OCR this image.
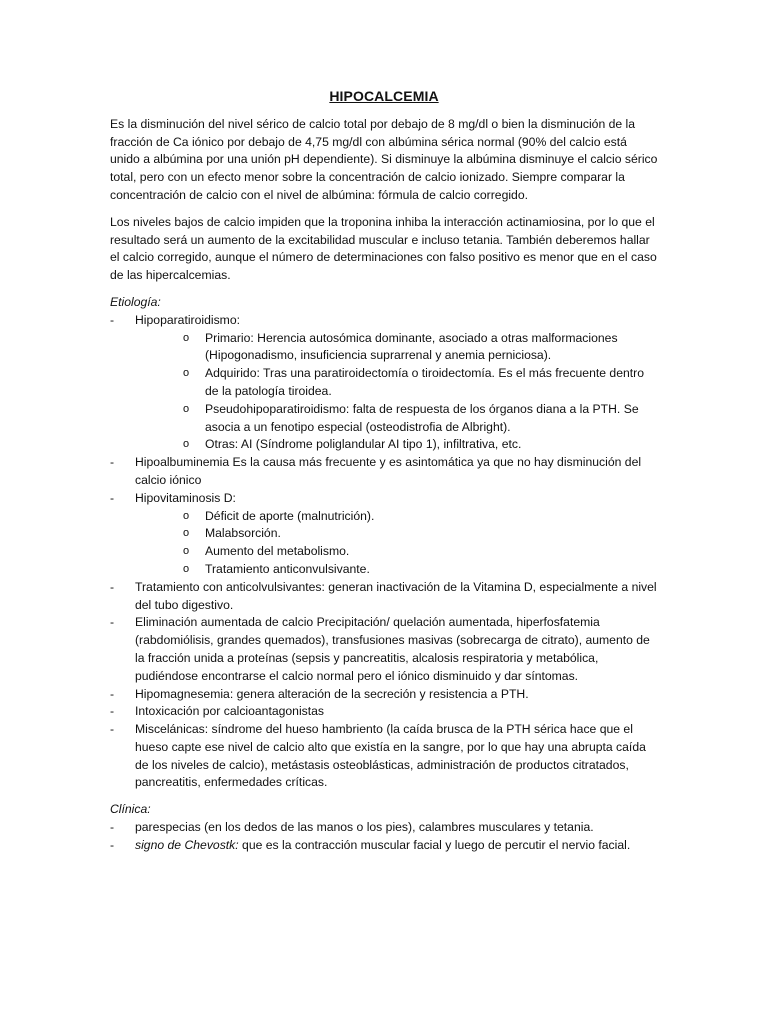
HIPOCALCEMIA

Es la disminución del nivel sérico de calcio total por debajo de 8 mg/dl o bien la disminución de la fracción de Ca iónico por debajo de 4,75 mg/dl con albúmina sérica normal (90% del calcio está unido a albúmina por una unión pH dependiente). Si disminuye la albúmina disminuye el calcio sérico total, pero con un efecto menor sobre la concentración de calcio ionizado. Siempre comparar la concentración de calcio con el nivel de albúmina: fórmula de calcio corregido.

Los niveles bajos de calcio impiden que la troponina inhiba la interacción actinamiosina, por lo que el resultado será un aumento de la excitabilidad muscular e incluso tetania. También deberemos hallar el calcio corregido, aunque el número de determinaciones con falso positivo es menor que en el caso de las hipercalcemias.

Etiología:
- Hipoparatiroidismo:
o Primario: Herencia autosómica dominante, asociado a otras malformaciones (Hipogonadismo, insuficiencia suprarrenal y anemia perniciosa).
o Adquirido: Tras una paratiroidectomía o tiroidectomía. Es el más frecuente dentro de la patología tiroidea.
o Pseudohipoparatiroidismo: falta de respuesta de los órganos diana a la PTH. Se asocia a un fenotipo especial (osteodistrofia de Albright).
o Otras: AI (Síndrome poliglandular AI tipo 1), infiltrativa, etc.
- Hipoalbuminemia Es la causa más frecuente y es asintomática ya que no hay disminución del calcio iónico
- Hipovitaminosis D:
o Déficit de aporte (malnutrición).
o Malabsorción.
o Aumento del metabolismo.
o Tratamiento anticonvulsivante.
- Tratamiento con anticolvulsivantes: generan inactivación de la Vitamina D, especialmente a nivel del tubo digestivo.
- Eliminación aumentada de calcio Precipitación/ quelación aumentada, hiperfosfatemia (rabdomiólisis, grandes quemados), transfusiones masivas (sobrecarga de citrato), aumento de la fracción unida a proteínas (sepsis y pancreatitis, alcalosis respiratoria y metabólica, pudiéndose encontrarse el calcio normal pero el iónico disminuido y dar síntomas.
- Hipomagnesemia: genera alteración de la secreción y resistencia a PTH.
- Intoxicación por calcioantagonistas
- Miscelánicas: síndrome del hueso hambriento (la caída brusca de la PTH sérica hace que el hueso capte ese nivel de calcio alto que existía en la sangre, por lo que hay una abrupta caída de los niveles de calcio), metástasis osteoblásticas, administración de productos citratados, pancreatitis, enfermedades críticas.
Clínica:
- parespecias (en los dedos de las manos o los pies), calambres musculares y tetania.
- signo de Chevostk: que es la contracción muscular facial y luego de percutir el nervio facial.
